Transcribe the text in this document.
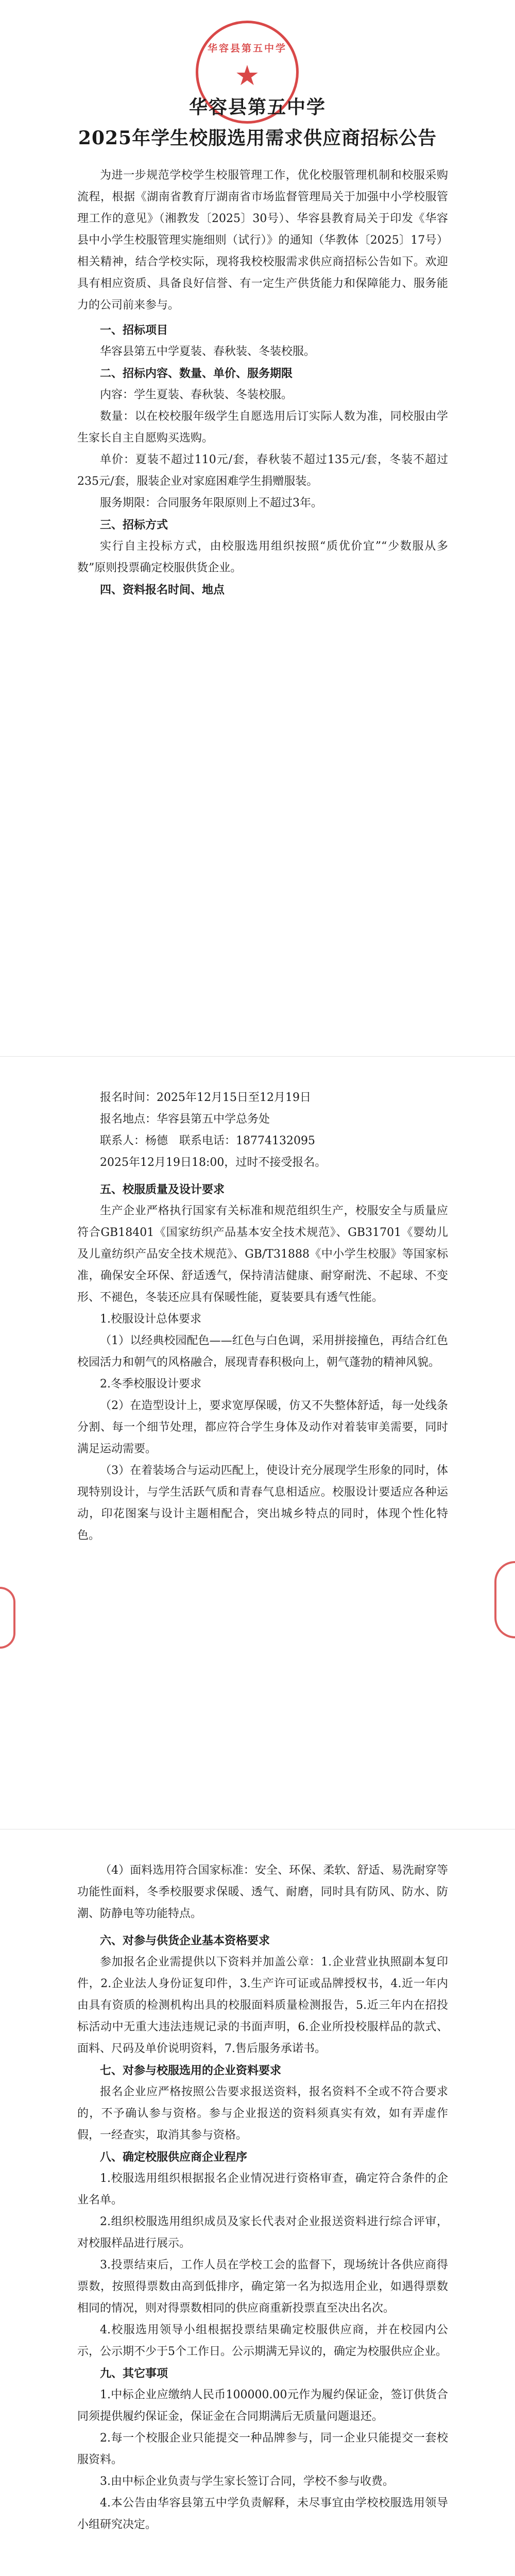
华容县第五中学
★
华容县第五中学
2025年学生校服选用需求供应商招标公告

为进一步规范学校学生校服管理工作，优化校服管理机制和校服采购流程，根据《湖南省教育厅湖南省市场监督管理局关于加强中小学校服管理工作的意见》（湘教发〔2025〕30号）、华容县教育局关于印发《华容县中小学生校服管理实施细则（试行）》的通知（华教体〔2025〕17号）相关精神，结合学校实际，现将我校校服需求供应商招标公告如下。欢迎具有相应资质、具备良好信誉、有一定生产供货能力和保障能力、服务能力的公司前来参与。

一、招标项目

华容县第五中学夏装、春秋装、冬装校服。

二、招标内容、数量、单价、服务期限

内容：学生夏装、春秋装、冬装校服。

数量：以在校校服年级学生自愿选用后订实际人数为准，同校服由学生家长自主自愿购买选购。

单价：夏装不超过110元/套，春秋装不超过135元/套，冬装不超过235元/套，服装企业对家庭困难学生捐赠服装。

服务期限：合同服务年限原则上不超过3年。

三、招标方式

实行自主投标方式，由校服选用组织按照“质优价宜”“少数服从多数”原则投票确定校服供货企业。

四、资料报名时间、地点

报名时间：2025年12月15日至12月19日

报名地点：华容县第五中学总务处

联系人：杨德　联系电话：18774132095

2025年12月19日18:00，过时不接受报名。

五、校服质量及设计要求

生产企业严格执行国家有关标准和规范组织生产，校服安全与质量应符合GB18401《国家纺织产品基本安全技术规范》、GB31701《婴幼儿及儿童纺织产品安全技术规范》、GB/T31888《中小学生校服》等国家标准，确保安全环保、舒适透气，保持清洁健康、耐穿耐洗、不起球、不变形、不褪色，冬装还应具有保暖性能，夏装要具有透气性能。

1.校服设计总体要求

（1）以经典校园配色——红色与白色调，采用拼接撞色，再结合红色校园活力和朝气的风格融合，展现青春积极向上，朝气蓬勃的精神风貌。

2.冬季校服设计要求

（2）在造型设计上，要求宽厚保暖，仿又不失整体舒适，每一处线条分割、每一个细节处理，都应符合学生身体及动作对着装审美需要，同时满足运动需要。

（3）在着装场合与运动匹配上，使设计充分展现学生形象的同时，体现特别设计，与学生活跃气质和青春气息相适应。校服设计要适应各种运动，印花图案与设计主题相配合，突出城乡特点的同时，体现个性化特色。

（4）面料选用符合国家标准：安全、环保、柔软、舒适、易洗耐穿等功能性面料，冬季校服要求保暖、透气、耐磨，同时具有防风、防水、防潮、防静电等功能特点。

六、对参与供货企业基本资格要求

参加报名企业需提供以下资料并加盖公章：1.企业营业执照副本复印件，2.企业法人身份证复印件，3.生产许可证或品牌授权书，4.近一年内由具有资质的检测机构出具的校服面料质量检测报告，5.近三年内在招投标活动中无重大违法违规记录的书面声明，6.企业所投校服样品的款式、面料、尺码及单价说明资料，7.售后服务承诺书。

七、对参与校服选用的企业资料要求

报名企业应严格按照公告要求报送资料，报名资料不全或不符合要求的，不予确认参与资格。参与企业报送的资料须真实有效，如有弄虚作假，一经查实，取消其参与资格。

八、确定校服供应商企业程序

1.校服选用组织根据报名企业情况进行资格审查，确定符合条件的企业名单。

2.组织校服选用组织成员及家长代表对企业报送资料进行综合评审，对校服样品进行展示。

3.投票结束后，工作人员在学校工会的监督下，现场统计各供应商得票数，按照得票数由高到低排序，确定第一名为拟选用企业，如遇得票数相同的情况，则对得票数相同的供应商重新投票直至决出名次。

4.校服选用领导小组根据投票结果确定校服供应商，并在校园内公示，公示期不少于5个工作日。公示期满无异议的，确定为校服供应企业。

九、其它事项

1.中标企业应缴纳人民币100000.00元作为履约保证金，签订供货合同须提供履约保证金，保证金在合同期满后无质量问题退还。

2.每一个校服企业只能提交一种品牌参与，同一企业只能提交一套校服资料。

3.由中标企业负责与学生家长签订合同，学校不参与收费。

4.本公告由华容县第五中学负责解释，未尽事宜由学校校服选用领导小组研究决定。
